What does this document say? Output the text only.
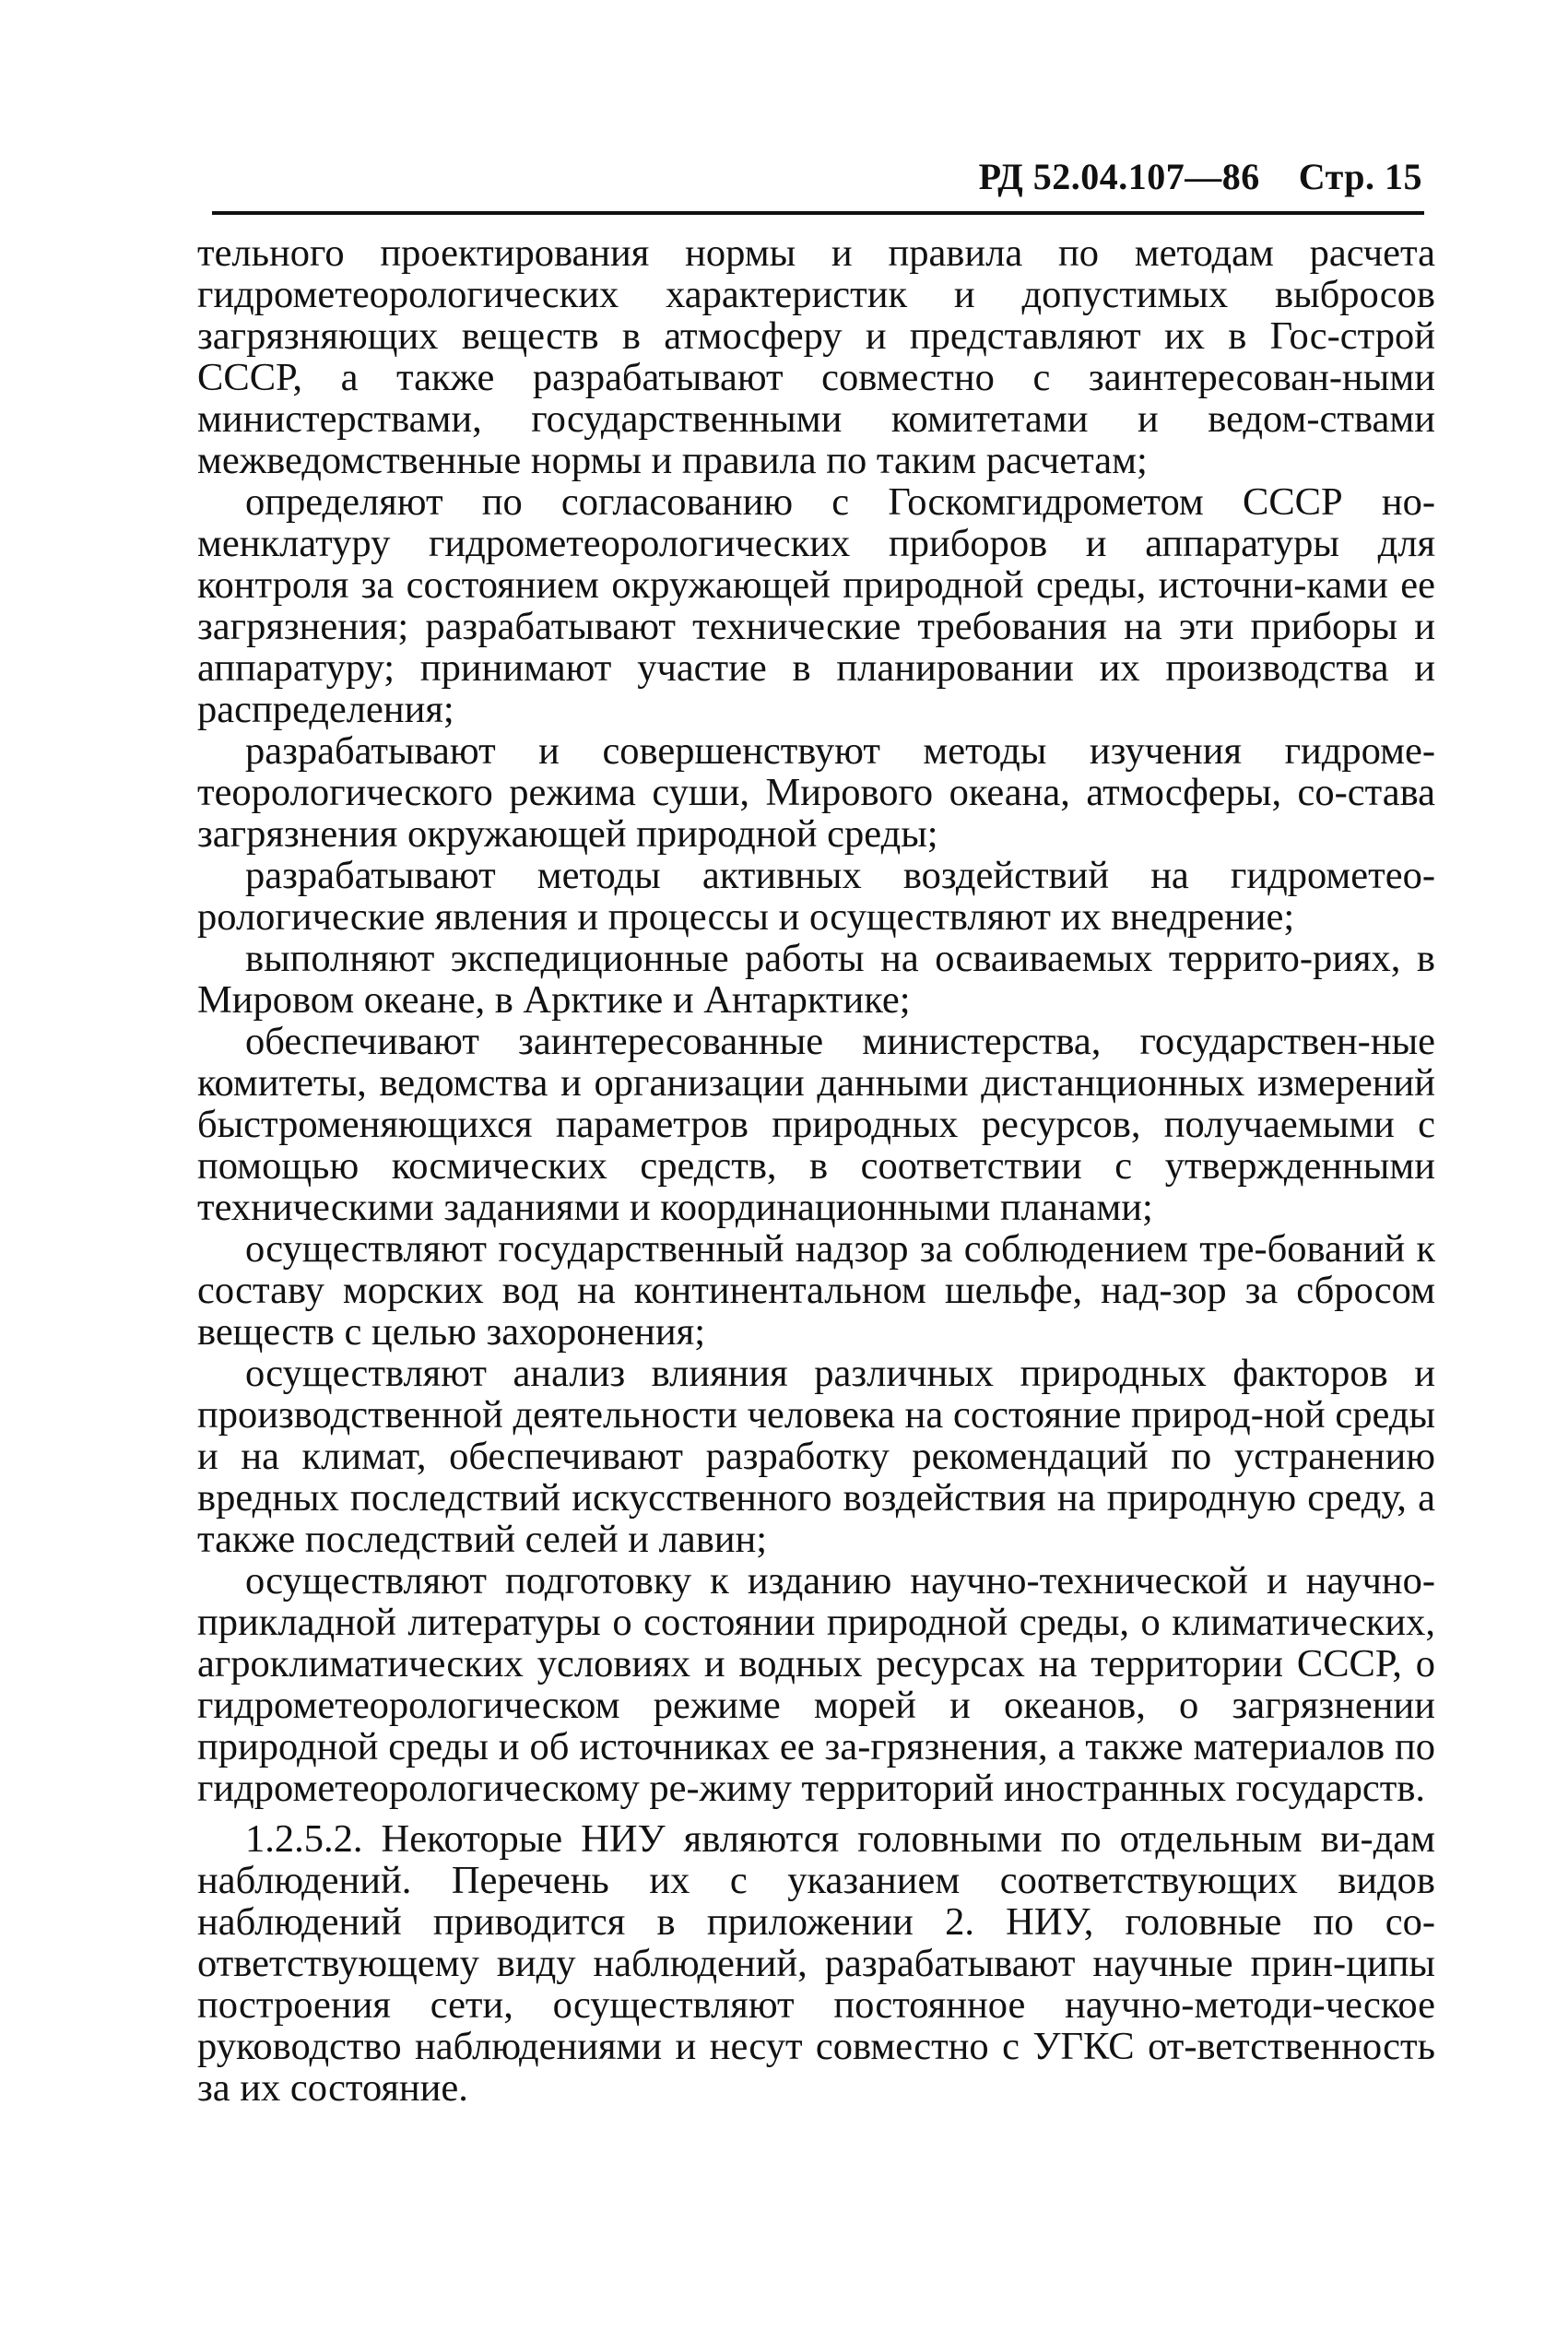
РД 52.04.107—86 Стр. 15

тельного проектирования нормы и правила по методам расчета гидрометеорологических характеристик и допустимых выбросов загрязняющих веществ в атмосферу и представляют их в Гос-строй СССР, а также разрабатывают совместно с заинтересован-ными министерствами, государственными комитетами и ведом-ствами межведомственные нормы и правила по таким расчетам;

определяют по согласованию с Госкомгидрометом СССР но-менклатуру гидрометеорологических приборов и аппаратуры для контроля за состоянием окружающей природной среды, источни-ками ее загрязнения; разрабатывают технические требования на эти приборы и аппаратуру; принимают участие в планировании их производства и распределения;

разрабатывают и совершенствуют методы изучения гидроме-теорологического режима суши, Мирового океана, атмосферы, со-става загрязнения окружающей природной среды;

разрабатывают методы активных воздействий на гидрометео-рологические явления и процессы и осуществляют их внедрение;

выполняют экспедиционные работы на осваиваемых террито-риях, в Мировом океане, в Арктике и Антарктике;

обеспечивают заинтересованные министерства, государствен-ные комитеты, ведомства и организации данными дистанционных измерений быстроменяющихся параметров природных ресурсов, получаемыми с помощью космических средств, в соответствии с утвержденными техническими заданиями и координационными планами;

осуществляют государственный надзор за соблюдением тре-бований к составу морских вод на континентальном шельфе, над-зор за сбросом веществ с целью захоронения;

осуществляют анализ влияния различных природных факторов и производственной деятельности человека на состояние природ-ной среды и на климат, обеспечивают разработку рекомендаций по устранению вредных последствий искусственного воздействия на природную среду, а также последствий селей и лавин;

осуществляют подготовку к изданию научно-технической и научно-прикладной литературы о состоянии природной среды, о климатических, агроклиматических условиях и водных ресурсах на территории СССР, о гидрометеорологическом режиме морей и океанов, о загрязнении природной среды и об источниках ее за-грязнения, а также материалов по гидрометеорологическому ре-жиму территорий иностранных государств.

1.2.5.2. Некоторые НИУ являются головными по отдельным ви-дам наблюдений. Перечень их с указанием соответствующих видов наблюдений приводится в приложении 2. НИУ, головные по со-ответствующему виду наблюдений, разрабатывают научные прин-ципы построения сети, осуществляют постоянное научно-методи-ческое руководство наблюдениями и несут совместно с УГКС от-ветственность за их состояние.
